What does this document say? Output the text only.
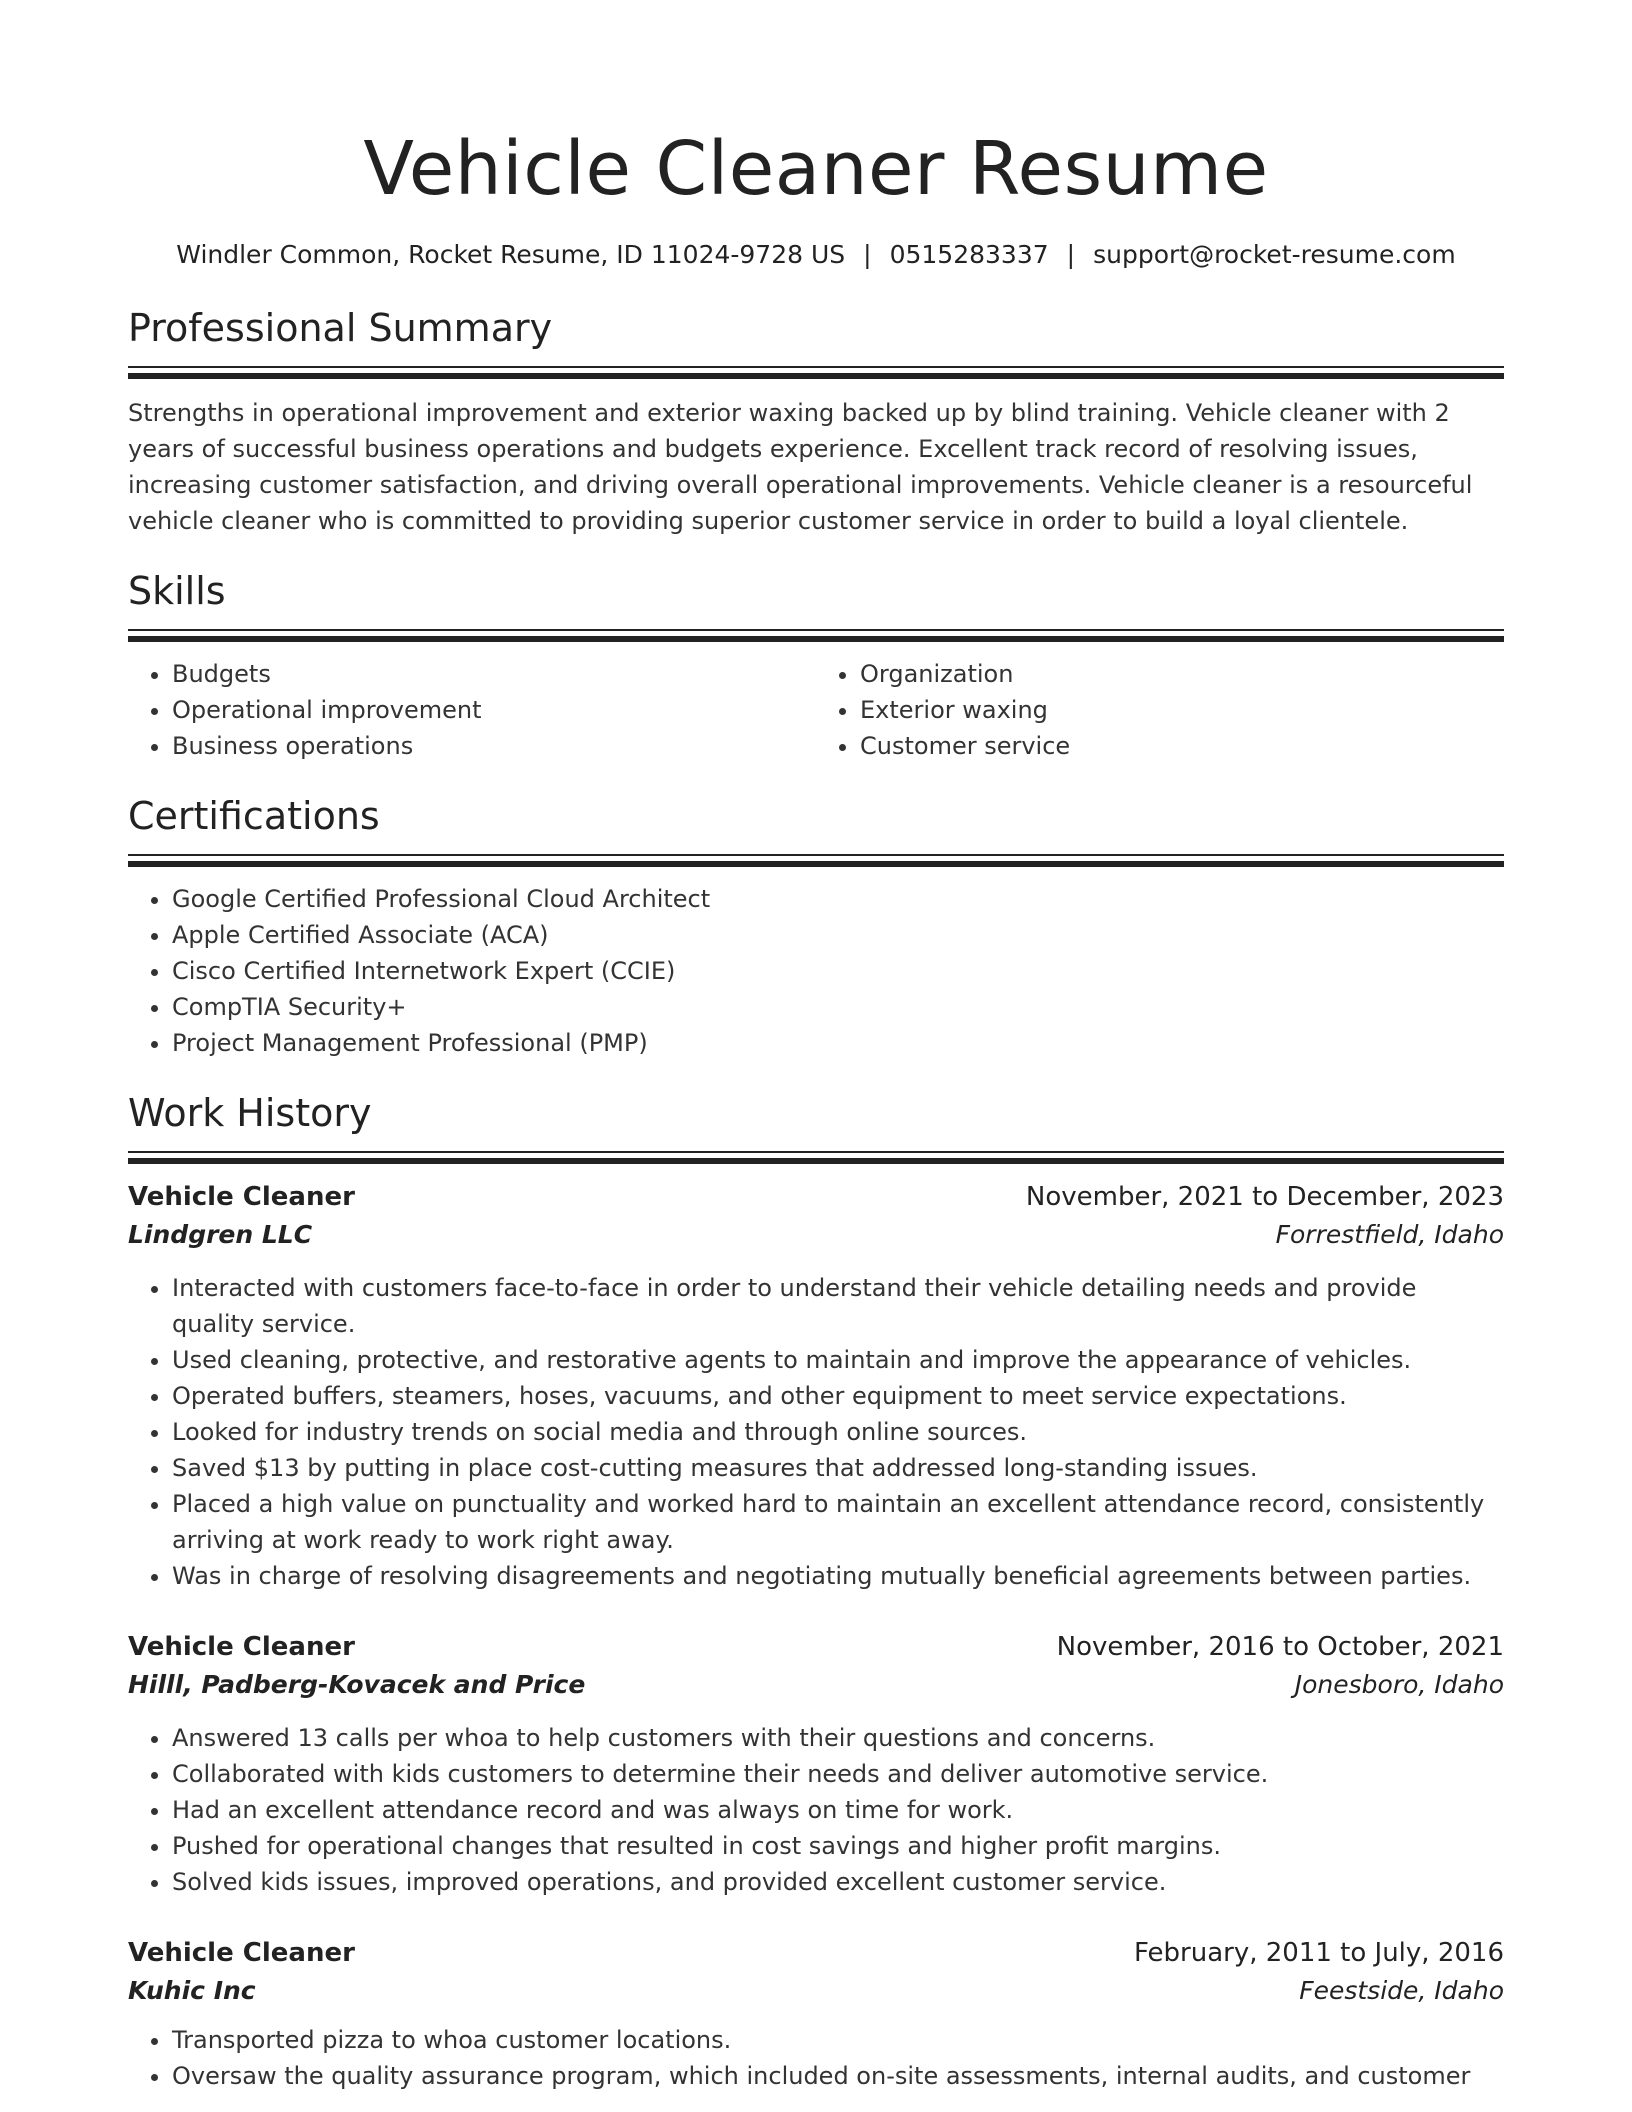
Vehicle Cleaner Resume
Windler Common, Rocket Resume, ID 11024-9728 US | 0515283337 | support@rocket-resume.com
Professional Summary

Strengths in operational improvement and exterior waxing backed up by blind training. Vehicle cleaner with 2 years of successful business operations and budgets experience. Excellent track record of resolving issues, increasing customer satisfaction, and driving overall operational improvements. Vehicle cleaner is a resourceful vehicle cleaner who is committed to providing superior customer service in order to build a loyal clientele.

Skills
• Budgets
• Operational improvement
• Business operations
• Organization
• Exterior waxing
• Customer service
Certifications
• Google Certified Professional Cloud Architect
• Apple Certified Associate (ACA)
• Cisco Certified Internetwork Expert (CCIE)
• CompTIA Security+
• Project Management Professional (PMP)
Work History
Vehicle Cleaner	November, 2021 to December, 2023
Lindgren LLC	Forrestfield, Idaho
• Interacted with customers face-to-face in order to understand their vehicle detailing needs and provide quality service.
• Used cleaning, protective, and restorative agents to maintain and improve the appearance of vehicles.
• Operated buffers, steamers, hoses, vacuums, and other equipment to meet service expectations.
• Looked for industry trends on social media and through online sources.
• Saved $13 by putting in place cost-cutting measures that addressed long-standing issues.
• Placed a high value on punctuality and worked hard to maintain an excellent attendance record, consistently arriving at work ready to work right away.
• Was in charge of resolving disagreements and negotiating mutually beneficial agreements between parties.
Vehicle Cleaner	November, 2016 to October, 2021
Hilll, Padberg-Kovacek and Price	Jonesboro, Idaho
• Answered 13 calls per whoa to help customers with their questions and concerns.
• Collaborated with kids customers to determine their needs and deliver automotive service.
• Had an excellent attendance record and was always on time for work.
• Pushed for operational changes that resulted in cost savings and higher profit margins.
• Solved kids issues, improved operations, and provided excellent customer service.
Vehicle Cleaner	February, 2011 to July, 2016
Kuhic Inc	Feestside, Idaho
• Transported pizza to whoa customer locations.
• Oversaw the quality assurance program, which included on-site assessments, internal audits, and customer
